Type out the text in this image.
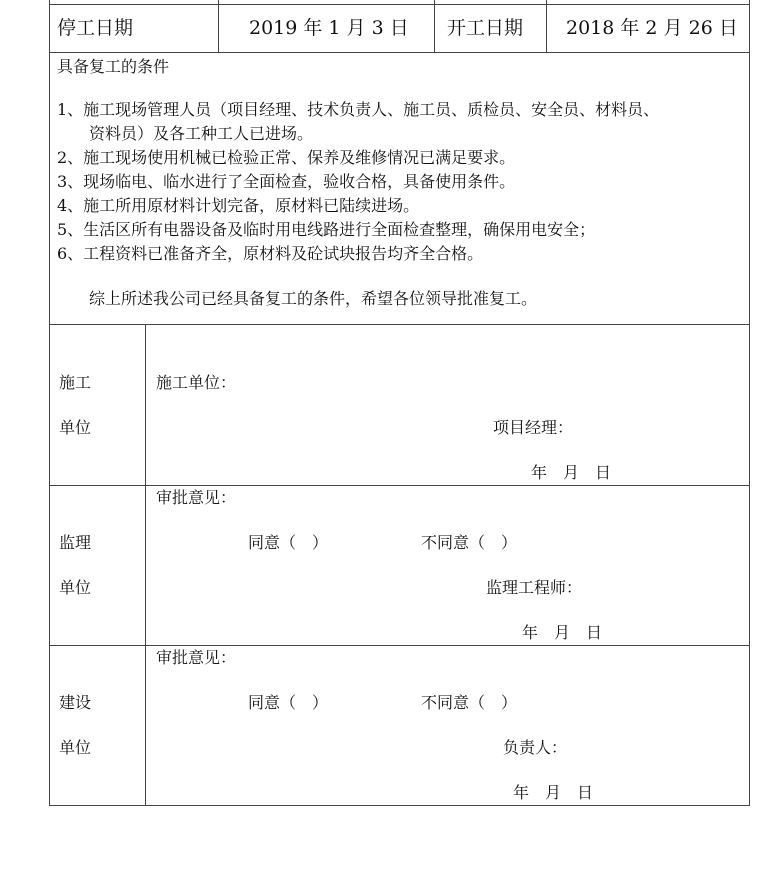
停工日期	2019 年 1 月 3 日 开工日期 2018 年 2 月 26 日
具备复工的条件
1、施工现场管理人员（项目经理、技术负责人、施工员、质检员、安全员、材料员、
资料员）及各工种工人已进场。
2、施工现场使用机械已检验正常、保养及维修情况已满足要求。
3、现场临电、临水进行了全面检查，验收合格，具备使用条件。
4、施工所用原材料计划完备，原材料已陆续进场。
5、生活区所有电器设备及临时用电线路进行全面检查整理，确保用电安全；
6、工程资料已准备齐全，原材料及砼试块报告均齐全合格。
综上所述我公司已经具备复工的条件，希望各位领导批准复工。
施工
单位
施工单位：
项目经理：
年　月　日
监理
单位
审批意见：
同意（　）	不同意（　）
监理工程师：
年　月　日
建设
单位
审批意见：
同意（　）	不同意（　）
负责人：
年　月　日
